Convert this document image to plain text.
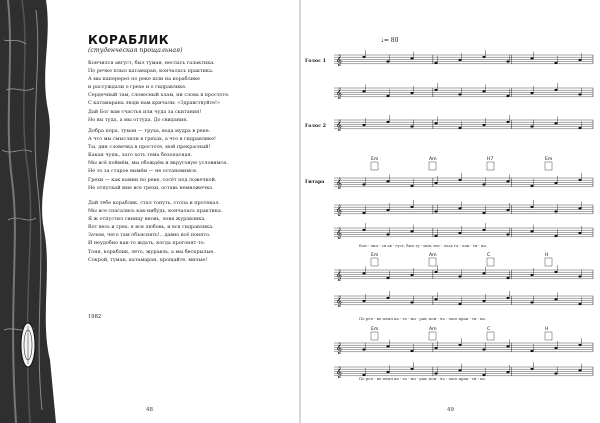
КОРАБЛИК
(студенческая прощальная)
Кончился август, был туман, неслась галактика.
По речке плыл катамаран, кончалась практика.
А мы наперерез по реке шли на кораблике
и рассуждали о грехе и о гидравлике.
Сердечный там, словесный хлам, ни слова в простоте.
С катамарана люди нам кричали: «Здравствуйте!»
Дай Бог вам счастья или чуда за скитания!
Но вы туда, а мы оттуда. До свидания.
Добра пора, туман — труха, вода мудра в реке.
А что мы смыслили в грехах, а что в гидравлике!
Ты, дин словечка в простоте, мой прекрасный!
Какая чушь, зато хоть тема безопасная.
Мы всё поймём, мы обождём и вкруговую условимся.
Не то за старое вымём — не остановимся.
Грехи — как камни по реке, сосёт под ложечкой.
Не отпускай мне все грехи, оставь немножечко.
Дай тебе кораблик, стал тонуть, стола и протекал.
Мы все спасались как-нибудь, кончалась практика.
Я ж отпустил синицу вновь, ловя журавлика.
Вот весь и грех, я вся любовь, и вся гидравлика.
Зачем, чего там объяснять!.. давно всё понято.
И неудобно как-то ждать, когда прогонят-то.
Тоня, кораблик, лето, журавль, а мы бескрылые.
Сокрой, туман, катамаран, прощайте, милые!
1982
48
♩= 80
Голос 1
Голос 2
Гитара
Em	Am	H7	Em
Em	Am	C	H
Em	Am	C	H
𝄞
𝄞
𝄞
𝄞
𝄞
𝄞
𝄞
𝄞
𝄞
𝄞
Кон - чил - ся ав - густ, был ту - ман, нес - лась га - лак - ти - ка.
По реч - ке плыл ка - та - ма - ран, кон - ча - лась прак - ти - ка.
По реч - ке плыл ка - та - ма - ран, кон - ча - лась прак - ти - ка.
49
